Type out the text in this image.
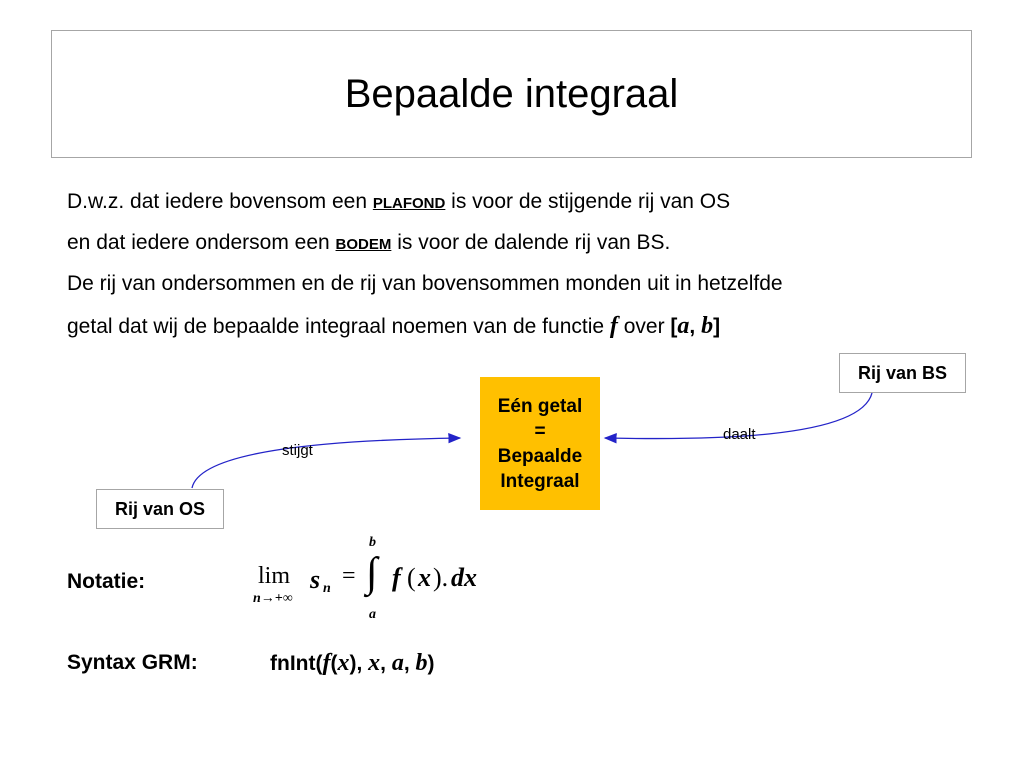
Bepaalde integraal
D.w.z. dat iedere bovensom een PLAFOND is voor de stijgende rij van OS
en dat iedere ondersom een BODEM is voor de dalende rij van BS.
De rij van ondersommen en de rij van bovensommen monden uit in hetzelfde
getal dat wij de bepaalde integraal noemen van de functie f over [a, b]
Eén getal
=
Bepaalde
Integraal
Rij van OS
Rij van BS
stijgt
daalt
Notatie:	lim
n→+∞
s n = ∫
b
a
f ( x ). dx
Syntax GRM:	fnInt(f(x), x, a, b)
